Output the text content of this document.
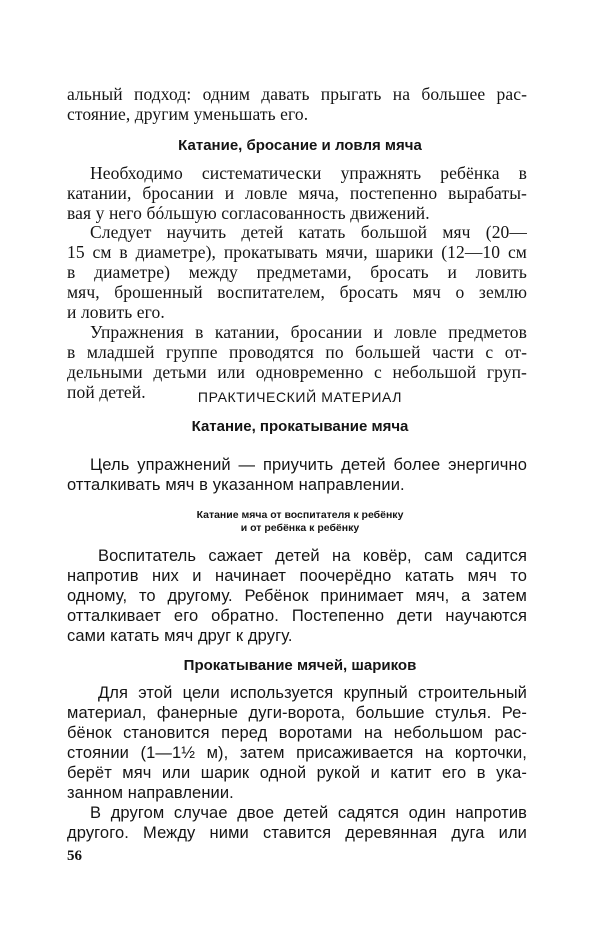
альный подход: одним давать прыгать на большее рас-
стояние, другим уменьшать его.
Катание, бросание и ловля мяча
Необходимо систематически упражнять ребёнка в
катании, бросании и ловле мяча, постепенно вырабаты-
вая у него бóльшую согласованность движений.
Следует научить детей катать большой мяч (20—
15 см в диаметре), прокатывать мячи, шарики (12—10 см
в диаметре) между предметами, бросать и ловить
мяч, брошенный воспитателем, бросать мяч о землю
и ловить его.
Упражнения в катании, бросании и ловле предметов
в младшей группе проводятся по большей части с от-
дельными детьми или одновременно с небольшой груп-
пой детей.	ПРАКТИЧЕСКИЙ МАТЕРИАЛ
Катание, прокатывание мяча
Цель упражнений — приучить детей более энергично
отталкивать мяч в указанном направлении.
Катание мяча от воспитателя к ребёнку
и от ребёнка к ребёнку
Воспитатель сажает детей на ковёр, сам садится
напротив них и начинает поочерёдно катать мяч то
одному, то другому. Ребёнок принимает мяч, а затем
отталкивает его обратно. Постепенно дети научаются
сами катать мяч друг к другу.
Прокатывание мячей, шариков
Для этой цели используется крупный строительный
материал, фанерные дуги-ворота, большие стулья. Ре-
бёнок становится перед воротами на небольшом рас-
стоянии (1—1½ м), затем присаживается на корточки,
берёт мяч или шарик одной рукой и катит его в ука-
занном направлении.
В другом случае двое детей садятся один напротив
другого. Между ними ставится деревянная дуга или
56
